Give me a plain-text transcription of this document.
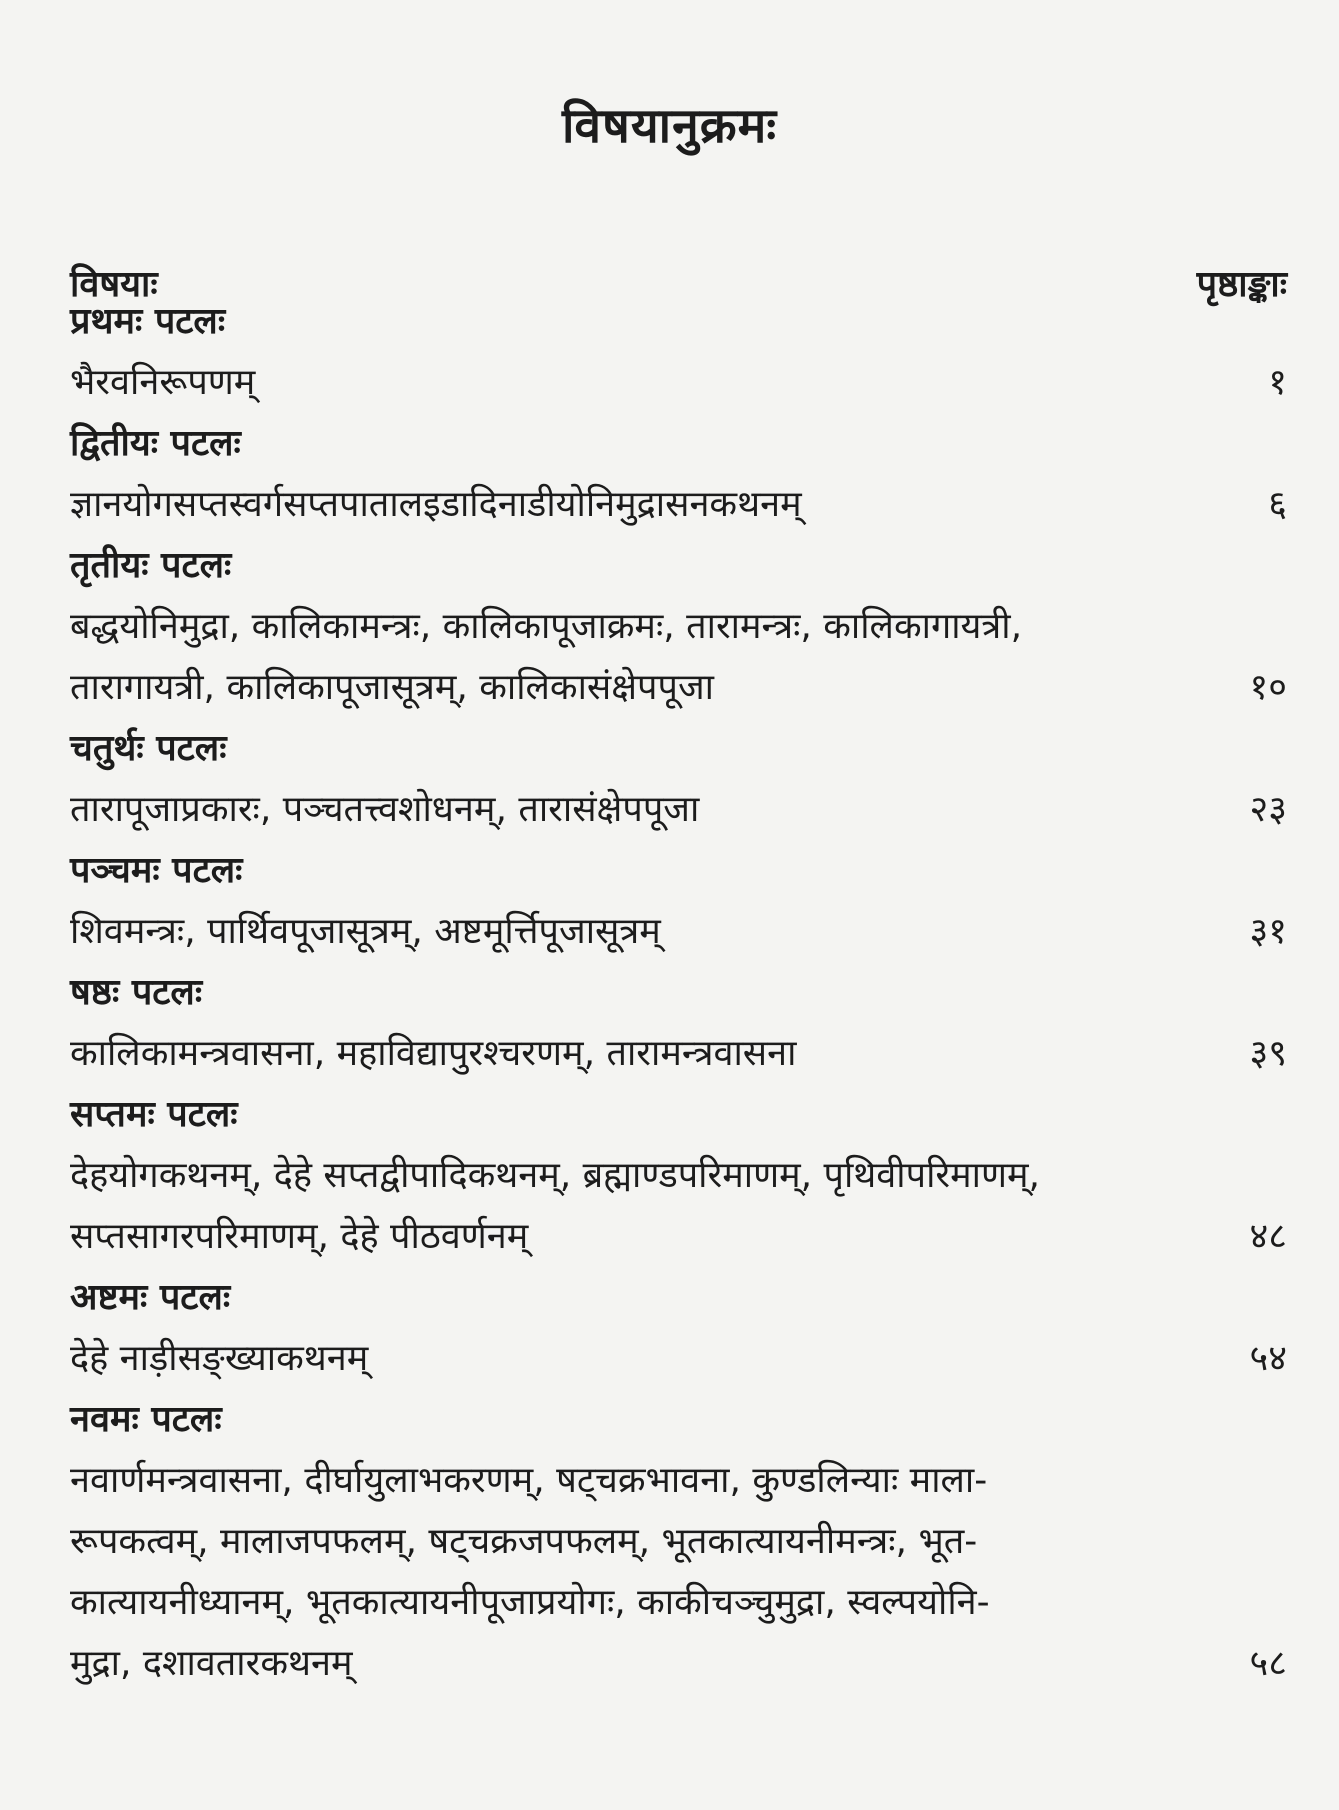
विषयानुक्रमः
विषयाः	पृष्ठाङ्काः
प्रथमः पटलः
भैरवनिरूपणम्	१
द्वितीयः पटलः
ज्ञानयोगसप्तस्वर्गसप्तपातालइडादिनाडीयोनिमुद्रासनकथनम्	६
तृतीयः पटलः
बद्धयोनिमुद्रा, कालिकामन्त्रः, कालिकापूजाक्रमः, तारामन्त्रः, कालिकागायत्री,
तारागायत्री, कालिकापूजासूत्रम्, कालिकासंक्षेपपूजा	१०
चतुर्थः पटलः
तारापूजाप्रकारः, पञ्चतत्त्वशोधनम्, तारासंक्षेपपूजा	२३
पञ्चमः पटलः
शिवमन्त्रः, पार्थिवपूजासूत्रम्, अष्टमूर्त्तिपूजासूत्रम्	३१
षष्ठः पटलः
कालिकामन्त्रवासना, महाविद्यापुरश्चरणम्, तारामन्त्रवासना	३९
सप्तमः पटलः
देहयोगकथनम्, देहे सप्तद्वीपादिकथनम्, ब्रह्माण्डपरिमाणम्, पृथिवीपरिमाणम्,
सप्तसागरपरिमाणम्, देहे पीठवर्णनम्	४८
अष्टमः पटलः
देहे नाड़ीसङ्ख्याकथनम्	५४
नवमः पटलः
नवार्णमन्त्रवासना, दीर्घायुलाभकरणम्, षट्चक्रभावना, कुण्डलिन्याः माला-
रूपकत्वम्, मालाजपफलम्, षट्चक्रजपफलम्, भूतकात्यायनीमन्त्रः, भूत-
कात्यायनीध्यानम्, भूतकात्यायनीपूजाप्रयोगः, काकीचञ्चुमुद्रा, स्वल्पयोनि-
मुद्रा, दशावतारकथनम्	५८
